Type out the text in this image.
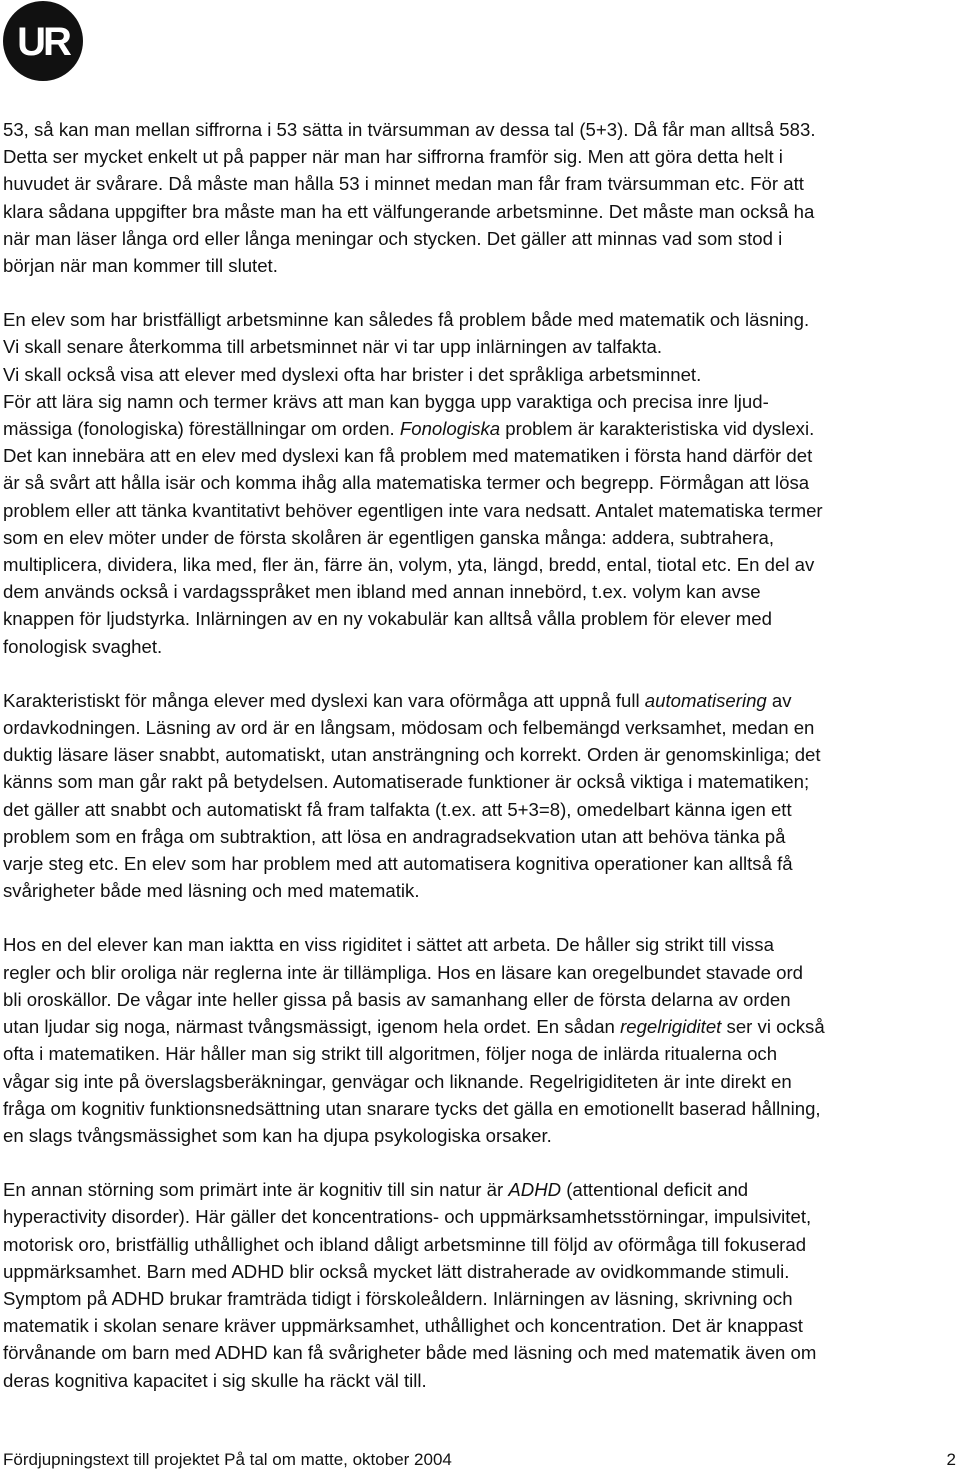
UR

53, så kan man mellan siffrorna i 53 sätta in tvärsumman av dessa tal (5+3). Då får man alltså 583.
Detta ser mycket enkelt ut på papper när man har siffrorna framför sig. Men att göra detta helt i
huvudet är svårare. Då måste man hålla 53 i minnet medan man får fram tvärsumman etc. För att
klara sådana uppgifter bra måste man ha ett välfungerande arbetsminne. Det måste man också ha
när man läser långa ord eller långa meningar och stycken. Det gäller att minnas vad som stod i
början när man kommer till slutet.

En elev som har bristfälligt arbetsminne kan således få problem både med matematik och läsning.
Vi skall senare återkomma till arbetsminnet när vi tar upp inlärningen av talfakta.
Vi skall också visa att elever med dyslexi ofta har brister i det språkliga arbetsminnet.
För att lära sig namn och termer krävs att man kan bygga upp varaktiga och precisa inre ljud-
mässiga (fonologiska) föreställningar om orden. Fonologiska problem är karakteristiska vid dyslexi.
Det kan innebära att en elev med dyslexi kan få problem med matematiken i första hand därför det
är så svårt att hålla isär och komma ihåg alla matematiska termer och begrepp. Förmågan att lösa
problem eller att tänka kvantitativt behöver egentligen inte vara nedsatt. Antalet matematiska termer
som en elev möter under de första skolåren är egentligen ganska många: addera, subtrahera,
multiplicera, dividera, lika med, fler än, färre än, volym, yta, längd, bredd, ental, tiotal etc. En del av
dem används också i vardagsspråket men ibland med annan innebörd, t.ex. volym kan avse
knappen för ljudstyrka. Inlärningen av en ny vokabulär kan alltså vålla problem för elever med
fonologisk svaghet.

Karakteristiskt för många elever med dyslexi kan vara oförmåga att uppnå full automatisering av
ordavkodningen. Läsning av ord är en långsam, mödosam och felbemängd verksamhet, medan en
duktig läsare läser snabbt, automatiskt, utan ansträngning och korrekt. Orden är genomskinliga; det
känns som man går rakt på betydelsen. Automatiserade funktioner är också viktiga i matematiken;
det gäller att snabbt och automatiskt få fram talfakta (t.ex. att 5+3=8), omedelbart känna igen ett
problem som en fråga om subtraktion, att lösa en andragradsekvation utan att behöva tänka på
varje steg etc. En elev som har problem med att automatisera kognitiva operationer kan alltså få
svårigheter både med läsning och med matematik.

Hos en del elever kan man iaktta en viss rigiditet i sättet att arbeta. De håller sig strikt till vissa
regler och blir oroliga när reglerna inte är tillämpliga. Hos en läsare kan oregelbundet stavade ord
bli oroskällor. De vågar inte heller gissa på basis av samanhang eller de första delarna av orden
utan ljudar sig noga, närmast tvångsmässigt, igenom hela ordet. En sådan regelrigiditet ser vi också
ofta i matematiken. Här håller man sig strikt till algoritmen, följer noga de inlärda ritualerna och
vågar sig inte på överslagsberäkningar, genvägar och liknande. Regelrigiditeten är inte direkt en
fråga om kognitiv funktionsnedsättning utan snarare tycks det gälla en emotionellt baserad hållning,
en slags tvångsmässighet som kan ha djupa psykologiska orsaker.

En annan störning som primärt inte är kognitiv till sin natur är ADHD (attentional deficit and
hyperactivity disorder). Här gäller det koncentrations- och uppmärksamhetsstörningar, impulsivitet,
motorisk oro, bristfällig uthållighet och ibland dåligt arbetsminne till följd av oförmåga till fokuserad
uppmärksamhet. Barn med ADHD blir också mycket lätt distraherade av ovidkommande stimuli.
Symptom på ADHD brukar framträda tidigt i förskoleåldern. Inlärningen av läsning, skrivning och
matematik i skolan senare kräver uppmärksamhet, uthållighet och koncentration. Det är knappast
förvånande om barn med ADHD kan få svårigheter både med läsning och med matematik även om
deras kognitiva kapacitet i sig skulle ha räckt väl till.

Fördjupningstext till projektet På tal om matte, oktober 2004	2
